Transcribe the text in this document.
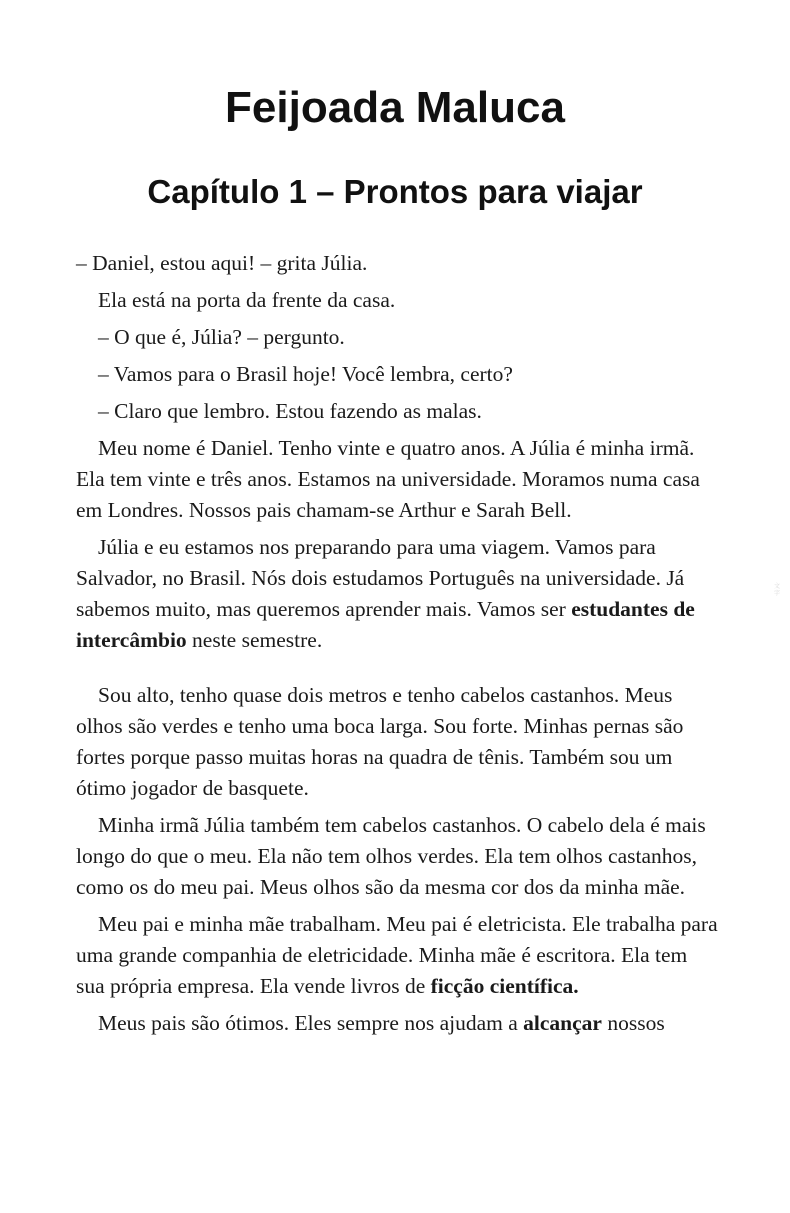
Feijoada Maluca
Capítulo 1 – Prontos para viajar

– Daniel, estou aqui! – grita Júlia.

Ela está na porta da frente da casa.

– O que é, Júlia? – pergunto.

– Vamos para o Brasil hoje! Você lembra, certo?

– Claro que lembro. Estou fazendo as malas.

Meu nome é Daniel. Tenho vinte e quatro anos. A Júlia é minha irmã. Ela tem vinte e três anos. Estamos na universidade. Moramos numa casa em Londres. Nossos pais chamam-se Arthur e Sarah Bell.

Júlia e eu estamos nos preparando para uma viagem. Vamos para Salvador, no Brasil. Nós dois estudamos Português na universidade. Já sabemos muito, mas queremos aprender mais. Vamos ser estudantes de intercâmbio neste semestre.

Sou alto, tenho quase dois metros e tenho cabelos castanhos. Meus olhos são verdes e tenho uma boca larga. Sou forte. Minhas pernas são fortes porque passo muitas horas na quadra de tênis. Também sou um ótimo jogador de basquete.

Minha irmã Júlia também tem cabelos castanhos. O cabelo dela é mais longo do que o meu. Ela não tem olhos verdes. Ela tem olhos castanhos, como os do meu pai. Meus olhos são da mesma cor dos da minha mãe.

Meu pai e minha mãe trabalham. Meu pai é eletricista. Ele trabalha para uma grande companhia de eletricidade. Minha mãe é escritora. Ela tem sua própria empresa. Ela vende livros de ficção científica.

Meus pais são ótimos. Eles sempre nos ajudam a alcançar nossos

文字
